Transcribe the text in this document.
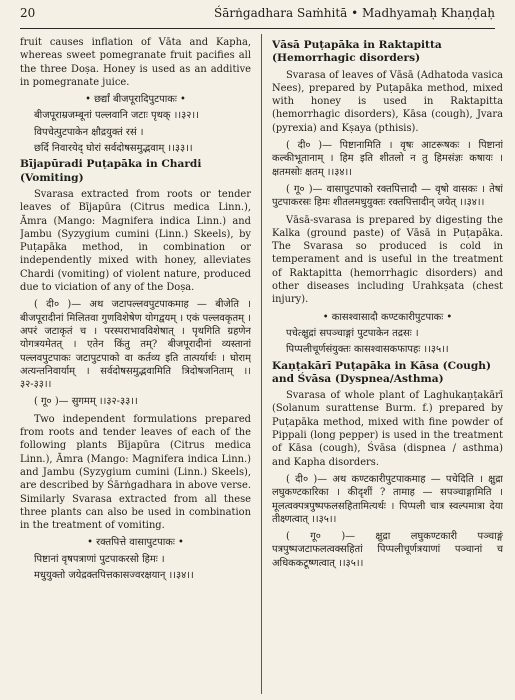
20	Śārṅgadhara Saṁhitā • Madhyamaḥ Khaṇḍaḥ

fruit causes inflation of Vāta and Kapha, whereas sweet pomegranate fruit pacifies all the three Doṣa. Honey is used as an additive in pomegranate juice.

• छर्द्यां बीजपूरादिपुटपाकः •
बीजपूराम्रजम्बूनां पल्लवानि जटाः पृथक् ।।३२।।
विपचेत्पुटपाकेन क्षौद्रयुक्तं रसं ।
छर्दि निवारयेद् घोरां सर्वदोषसमुद्भवाम् ।।३३।।
Bījapūradi Puṭapāka in Chardi (Vomiting)

Svarasa extracted from roots or tender leaves of Bījapūra (Citrus medica Linn.), Āmra (Mango: Magnifera indica Linn.) and Jambu (Syzygium cumini (Linn.) Skeels), by Puṭapāka method, in combination or independently mixed with honey, alleviates Chardi (vomiting) of violent nature, produced due to viciation of any of the Doṣa.

( दी० )— अथ जटापल्लवपुटपाकमाह — बीजेति । बीजपूरादीनां मिलितवा गुणविशेषेण योगद्वयम् । एकं पल्लवकृतम् । अपरं जटाकृतं च । परस्पराभावविशेषात् । पृथगिति ग्रहणेन योगत्रयमेतत् । एतेन किंतु तम्? बीजपूरादीनां व्यस्तानां पल्लवपुटपाकः जटापुटपाको वा कर्तव्य इति तात्पर्यार्थः । घोराम् अत्यन्तनिवार्याम् । सर्वदोषसमुद्भवामिति त्रिदोषजनिताम् ।।३२-३३।।

( गू० )— सुगमम् ।।३२-३३।।

Two independent formulations prepared from roots and tender leaves of each of the following plants Bījapūra (Citrus medica Linn.), Āmra (Mango: Magnifera indica Linn.) and Jambu (Syzygium cumini (Linn.) Skeels), are described by Śārṅgadhara in above verse. Similarly Svarasa extracted from all these three plants can also be used in combination in the treatment of vomiting.

• रक्तपित्ते वासापुटपाकः •
पिष्टानां वृषपत्राणां पुटपाकरसो हिमः ।
मधुयुक्तो जयेद्रक्तपित्तकासज्वरक्षयान् ।।३४।।
Vāsā Puṭapāka in Raktapitta (Hemorrhagic disorders)

Svarasa of leaves of Vāsā (Adhatoda vasica Nees), prepared by Puṭapāka method, mixed with honey is used in Raktapitta (hemorrhagic disorders), Kāsa (cough), Jvara (pyrexia) and Kṣaya (pthisis).

( दी० )— पिष्टानामिति । वृषः आटरूषकः । पिष्टानां कल्कीभूतानाम् । हिम इति शीतलो न तु हिमसंज्ञः कषायः । क्षतमसोः क्षतम् ।।३४।।

( गू० )— वासापुटपाको रक्तपित्तादौ — वृषो वासकः । तेषां पुटपाकरसः हिमः शीतलमधुयुक्तः रक्तपित्तादीन् जयेत् ।।३४।।

Vāsā-svarasa is prepared by digesting the Kalka (ground paste) of Vāsā in Puṭapāka. The Svarasa so produced is cold in temperament and is useful in the treatment of Raktapitta (hemorrhagic disorders) and other diseases including Urahkṣata (chest injury).

• कासश्वासादौ कण्टकारीपुटपाकः •
पचेत्क्षुद्रां सपञ्चाङ्गां पुटपाकेन तद्रसः ।
पिप्पलीचूर्णसंयुक्तः कासश्वासकफापहः ।।३५।।
Kaṇṭakārī Puṭapāka in Kāsa (Cough) and Śvāsa (Dyspnea/Asthma)

Svarasa of whole plant of Laghukaṇṭakārī (Solanum surattense Burm. f.) prepared by Puṭapāka method, mixed with fine powder of Pippali (long pepper) is used in the treatment of Kāsa (cough), Śvāsa (dispnea / asthma) and Kapha disorders.

( दी० )— अथ कण्टकारीपुटपाकमाह — पचेदिति । क्षुद्रा लघुकण्टकारिका । कीदृशीं ? तामाह — सपञ्चाङ्गामिति । मूलत्वक्पत्रपुष्पफलसहितामित्यर्थः । पिप्पली चात्र स्वल्पमात्रा देया तीक्ष्णत्वात् ।।३५।।

( गू० )— क्षुद्रा लघुकण्टकारी पञ्चाङ्गं पत्रपुष्पजटाफलत्वक्सहितां पिप्पलीचूर्णत्रयाणां पञ्चानां च अधिककटूष्णत्वात् ।।३५।।
